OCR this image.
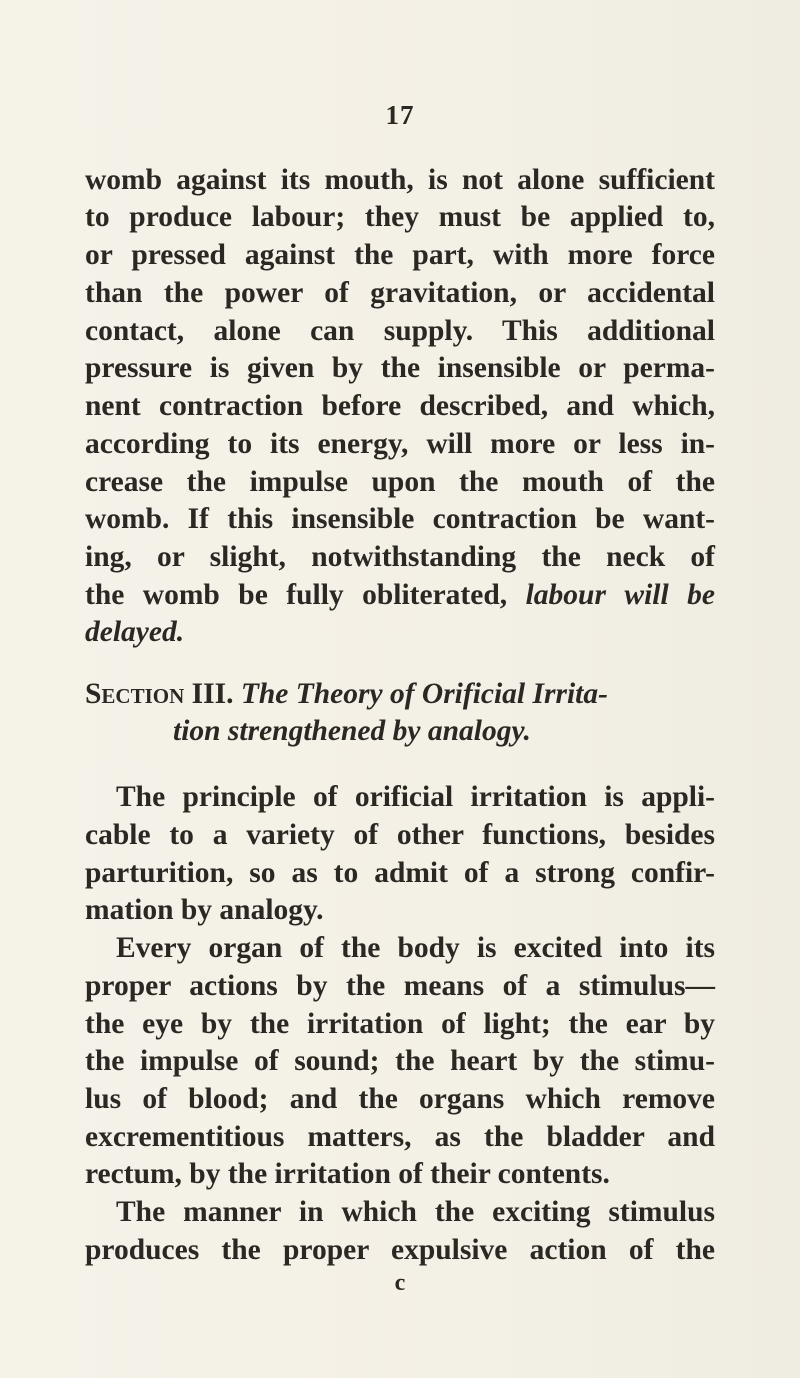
17
womb against its mouth, is not alone sufficient
to produce labour; they must be applied to,
or pressed against the part, with more force
than the power of gravitation, or accidental
contact, alone can supply. This additional
pressure is given by the insensible or perma-
nent contraction before described, and which,
according to its energy, will more or less in-
crease the impulse upon the mouth of the
womb. If this insensible contraction be want-
ing, or slight, notwithstanding the neck of
the womb be fully obliterated, labour will be
delayed.
Section III. The Theory of Orificial Irrita-
tion strengthened by analogy.
The principle of orificial irritation is appli-
cable to a variety of other functions, besides
parturition, so as to admit of a strong confir-
mation by analogy.
Every organ of the body is excited into its
proper actions by the means of a stimulus—
the eye by the irritation of light; the ear by
the impulse of sound; the heart by the stimu-
lus of blood; and the organs which remove
excrementitious matters, as the bladder and
rectum, by the irritation of their contents.
The manner in which the exciting stimulus
produces the proper expulsive action of the
c
